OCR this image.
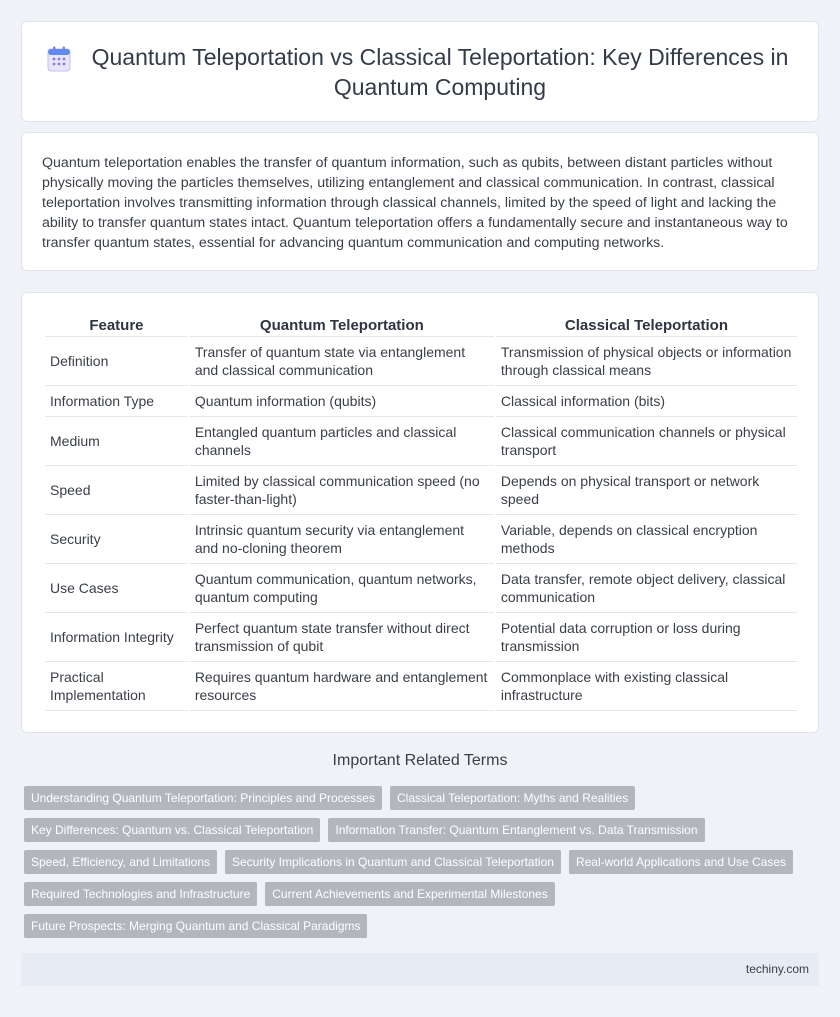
Quantum Teleportation vs Classical Teleportation: Key Differences in Quantum Computing

Quantum teleportation enables the transfer of quantum information, such as qubits, between distant particles without physically moving the particles themselves, utilizing entanglement and classical communication. In contrast, classical teleportation involves transmitting information through classical channels, limited by the speed of light and lacking the ability to transfer quantum states intact. Quantum teleportation offers a fundamentally secure and instantaneous way to transfer quantum states, essential for advancing quantum communication and computing networks.

Feature	Quantum Teleportation	Classical Teleportation
Definition	Transfer of quantum state via entanglement and classical communication	Transmission of physical objects or information through classical means
Information Type	Quantum information (qubits)	Classical information (bits)
Medium	Entangled quantum particles and classical channels	Classical communication channels or physical transport
Speed	Limited by classical communication speed (no faster-than-light)	Depends on physical transport or network speed
Security	Intrinsic quantum security via entanglement and no-cloning theorem	Variable, depends on classical encryption methods
Use Cases	Quantum communication, quantum networks, quantum computing	Data transfer, remote object delivery, classical communication
Information Integrity	Perfect quantum state transfer without direct transmission of qubit	Potential data corruption or loss during transmission
Practical Implementation	Requires quantum hardware and entanglement resources	Commonplace with existing classical infrastructure
Important Related Terms
Understanding Quantum Teleportation: Principles and Processes	Classical Teleportation: Myths and Realities
Key Differences: Quantum vs. Classical Teleportation	Information Transfer: Quantum Entanglement vs. Data Transmission
Speed, Efficiency, and Limitations	Security Implications in Quantum and Classical Teleportation	Real-world Applications and Use Cases
Required Technologies and Infrastructure	Current Achievements and Experimental Milestones
Future Prospects: Merging Quantum and Classical Paradigms
techiny.com
